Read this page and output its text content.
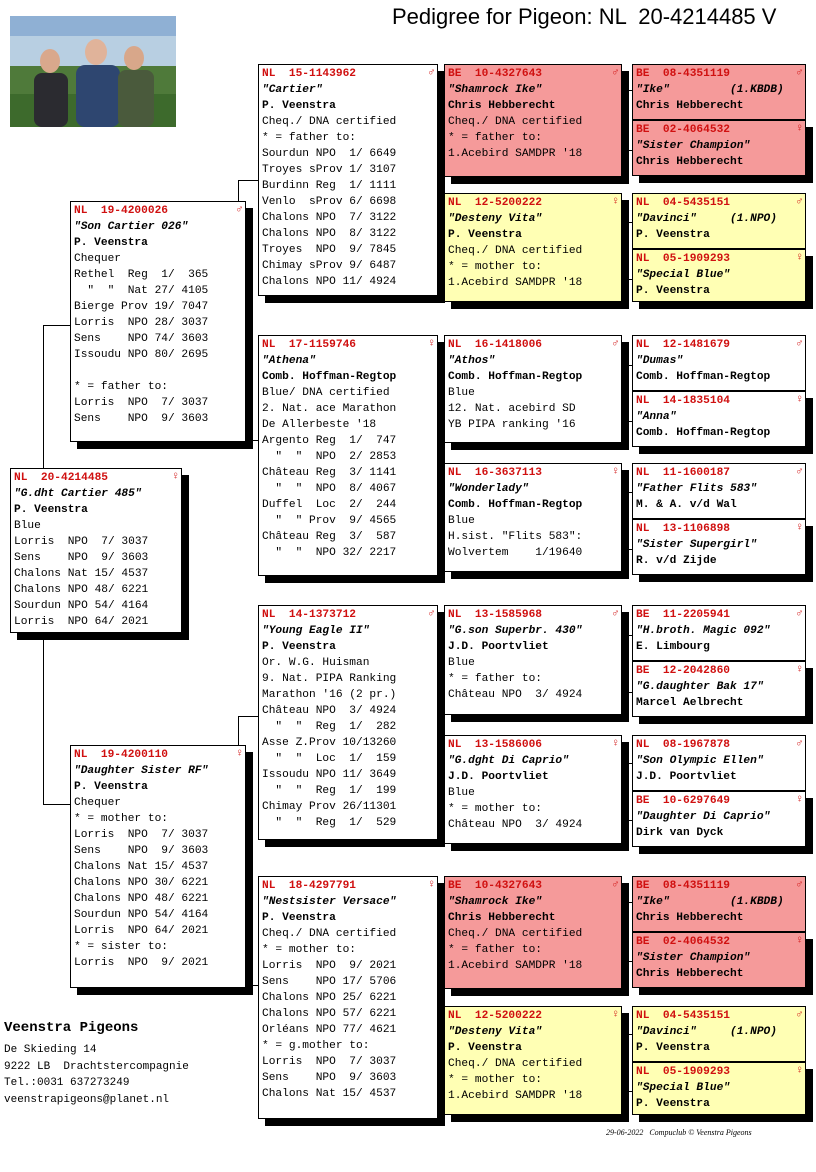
Pedigree for Pigeon: NL  20-4214485 V
NL  20-4214485	♀
"G.dht Cartier 485"
P. Veenstra
Blue
Lorris  NPO  7/ 3037
Sens    NPO  9/ 3603
Chalons Nat 15/ 4537
Chalons NPO 48/ 6221
Sourdun NPO 54/ 4164
Lorris  NPO 64/ 2021
NL  19-4200026	♂
"Son Cartier 026"
P. Veenstra
Chequer
Rethel  Reg  1/  365
"  "  Nat 27/ 4105
Bierge Prov 19/ 7047
Lorris  NPO 28/ 3037
Sens    NPO 74/ 3603
Issoudu NPO 80/ 2695
* = father to:
Lorris  NPO  7/ 3037
Sens    NPO  9/ 3603
NL  19-4200110	♀
"Daughter Sister RF"
P. Veenstra
Chequer
* = mother to:
Lorris  NPO  7/ 3037
Sens    NPO  9/ 3603
Chalons Nat 15/ 4537
Chalons NPO 30/ 6221
Chalons NPO 48/ 6221
Sourdun NPO 54/ 4164
Lorris  NPO 64/ 2021
* = sister to:
Lorris  NPO  9/ 2021
NL  15-1143962	♂
"Cartier"
P. Veenstra
Cheq./ DNA certified
* = father to:
Sourdun NPO  1/ 6649
Troyes sProv 1/ 3107
Burdinn Reg  1/ 1111
Venlo  sProv 6/ 6698
Chalons NPO  7/ 3122
Chalons NPO  8/ 3122
Troyes  NPO  9/ 7845
Chimay sProv 9/ 6487
Chalons NPO 11/ 4924
NL  17-1159746	♀
"Athena"
Comb. Hoffman-Regtop
Blue/ DNA certified
2. Nat. ace Marathon
De Allerbeste '18
Argento Reg  1/  747
"  "  NPO  2/ 2853
Château Reg  3/ 1141
"  "  NPO  8/ 4067
Duffel  Loc  2/  244
"  " Prov  9/ 4565
Château Reg  3/  587
"  "  NPO 32/ 2217
NL  14-1373712	♂
"Young Eagle II"
P. Veenstra
Or. W.G. Huisman
9. Nat. PIPA Ranking
Marathon '16 (2 pr.)
Château NPO  3/ 4924
"  "  Reg  1/  282
Asse Z.Prov 10/13260
"  "  Loc  1/  159
Issoudu NPO 11/ 3649
"  "  Reg  1/  199
Chimay Prov 26/11301
"  "  Reg  1/  529
NL  18-4297791	♀
"Nestsister Versace"
P. Veenstra
Cheq./ DNA certified
* = mother to:
Lorris  NPO  9/ 2021
Sens    NPO 17/ 5706
Chalons NPO 25/ 6221
Chalons NPO 57/ 6221
Orléans NPO 77/ 4621
* = g.mother to:
Lorris  NPO  7/ 3037
Sens    NPO  9/ 3603
Chalons Nat 15/ 4537
BE  10-4327643	♂
"Shamrock Ike"
Chris Hebberecht
Cheq./ DNA certified
* = father to:
1.Acebird SAMDPR '18
NL  12-5200222	♀
"Desteny Vita"
P. Veenstra
Cheq./ DNA certified
* = mother to:
1.Acebird SAMDPR '18
NL  16-1418006	♂
"Athos"
Comb. Hoffman-Regtop
Blue
12. Nat. acebird SD
YB PIPA ranking '16
NL  16-3637113	♀
"Wonderlady"
Comb. Hoffman-Regtop
Blue
H.sist. "Flits 583":
Wolvertem    1/19640
NL  13-1585968	♂
"G.son Superbr. 430"
J.D. Poortvliet
Blue
* = father to:
Château NPO  3/ 4924
NL  13-1586006	♀
"G.dght Di Caprio"
J.D. Poortvliet
Blue
* = mother to:
Château NPO  3/ 4924
BE  10-4327643	♂
"Shamrock Ike"
Chris Hebberecht
Cheq./ DNA certified
* = father to:
1.Acebird SAMDPR '18
NL  12-5200222	♀
"Desteny Vita"
P. Veenstra
Cheq./ DNA certified
* = mother to:
1.Acebird SAMDPR '18
BE  08-4351119	♂
"Ike"         (1.KBDB)
Chris Hebberecht
BE  02-4064532	♀
"Sister Champion"
Chris Hebberecht
NL  04-5435151	♂
"Davinci"     (1.NPO)
P. Veenstra
NL  05-1909293	♀
"Special Blue"
P. Veenstra
NL  12-1481679	♂
"Dumas"
Comb. Hoffman-Regtop
NL  14-1835104	♀
"Anna"
Comb. Hoffman-Regtop
NL  11-1600187	♂
"Father Flits 583"
M. & A. v/d Wal
NL  13-1106898	♀
"Sister Supergirl"
R. v/d Zijde
BE  11-2205941	♂
"H.broth. Magic 092"
E. Limbourg
BE  12-2042860	♀
"G.daughter Bak 17"
Marcel Aelbrecht
NL  08-1967878	♂
"Son Olympic Ellen"
J.D. Poortvliet
BE  10-6297649	♀
"Daughter Di Caprio"
Dirk van Dyck
BE  08-4351119	♂
"Ike"         (1.KBDB)
Chris Hebberecht
BE  02-4064532	♀
"Sister Champion"
Chris Hebberecht
NL  04-5435151	♂
"Davinci"     (1.NPO)
P. Veenstra
NL  05-1909293	♀
"Special Blue"
P. Veenstra
Veenstra Pigeons
De Skieding 14
9222 LB  Drachtstercompagnie
Tel.:0031 637273249
veenstrapigeons@planet.nl
29-06-2022   Compuclub © Veenstra Pigeons
